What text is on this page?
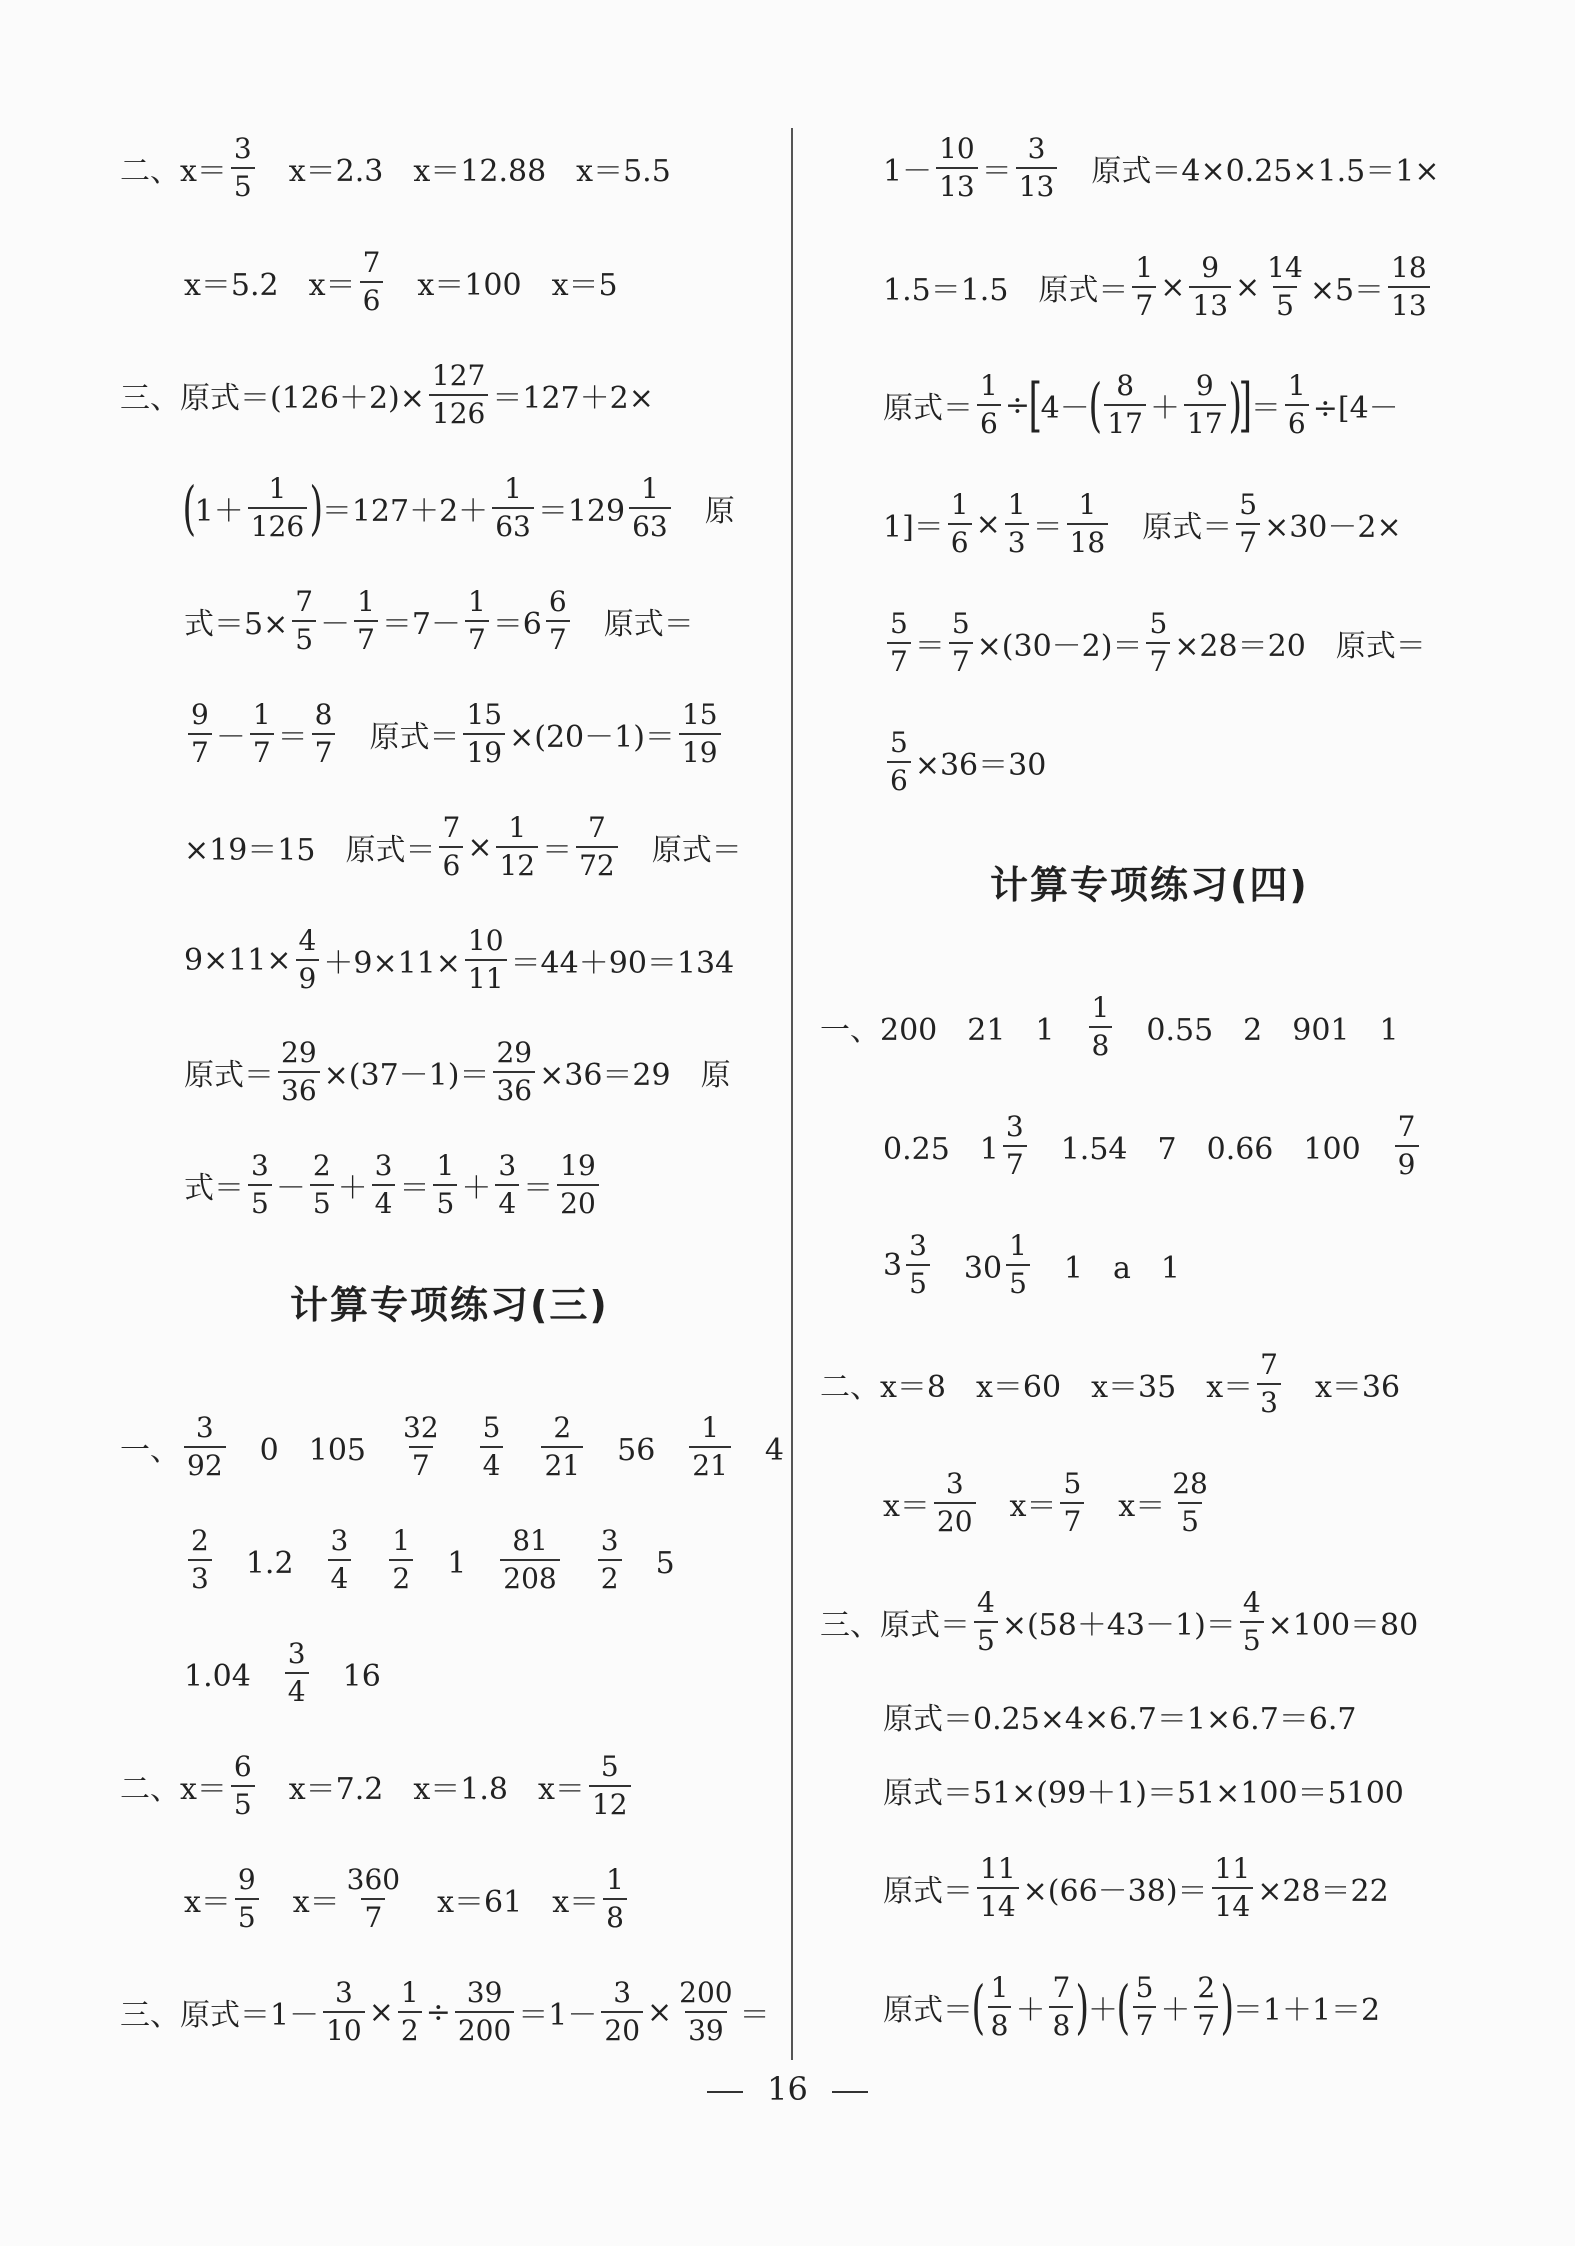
二、$x= \frac{3}{5}$ 　x＝2.3　x＝12.88　x＝5.5
x＝5.2　$x= \frac{7}{6}$ 　x＝100　x＝5
三、原式$=(126+2)\times \frac{127}{126} =127+2\times$
(
$1+ \frac{1}{126}$ )
$=127+2+ \frac{1}{63} =129 \frac{1}{63}$ 　原
式$=5\times \frac{7}{5} - \frac{1}{7} =7- \frac{1}{7} =6 \frac{6}{7}$ 　原式＝
$\frac{9}{7} - \frac{1}{7} = \frac{8}{7}$ 　原式＝ $\frac{15}{19} \times(20-1)= \frac{15}{19}$
×19＝15　原式＝ $\frac{7}{6} \times \frac{1}{12} = \frac{7}{72}$ 　原式＝
$9\times 11\times \frac{4}{9} +9\times 11\times \frac{10}{11} =44+90=134$
原式＝ $\frac{29}{36} \times(37-1)= \frac{29}{36} \times 36=29$　原
式＝ $\frac{3}{5} - \frac{2}{5} + \frac{3}{4} = \frac{1}{5} + \frac{3}{4} = \frac{19}{20}$
一、 $\frac{3}{92}$ 　0　105　 $\frac{32}{7}$
　 $\frac{5}{4}$
　 $\frac{2}{21}$ 　56　 $\frac{1}{21}$ 　4
$\frac{2}{3}$ 　1.2　 $\frac{3}{4}$
　 $\frac{1}{2}$ 　1　 $\frac{81}{208}$
　 $\frac{3}{2}$ 　5
1.04　 $\frac{3}{4}$ 　16
二、$x= \frac{6}{5}$ 　x＝7.2　x＝1.8　$x= \frac{5}{12}$
$x= \frac{9}{5}$ 　$x= \frac{360}{7}$ 　x＝61　$x= \frac{1}{8}$
三、原式$=1- \frac{3}{10} \times \frac{1}{2} \div \frac{39}{200} =1- \frac{3}{20} \times \frac{200}{39}$ ＝
计算专项练习(三)
$1- \frac{10}{13} = \frac{3}{13}$ 　原式＝4×0.25×1.5＝1×
1.5＝1.5　原式＝ $\frac{1}{7} \times \frac{9}{13} \times \frac{14}{5} \times 5= \frac{18}{13}$
原式＝ $\frac{1}{6}$ ÷
[
4－
( $\frac{8}{17} + \frac{9}{17}$ )
]
＝ $\frac{1}{6} \div[4-$
$1]= \frac{1}{6} \times \frac{1}{3} = \frac{1}{18}$ 　原式＝ $\frac{5}{7} \times 30-2\times$
$\frac{5}{7} = \frac{5}{7} \times(30-2)= \frac{5}{7} \times 28=20$　原式＝
$\frac{5}{6} \times 36=30$
一、200　21　1　 $\frac{1}{8}$ 　0.55　2　901　1
0.25　$1 \frac{3}{7}$ 　1.54　7　0.66　100　 $\frac{7}{9}$
$3 \frac{3}{5}$ 　$30 \frac{1}{5}$ 　1　a　1
二、x＝8　x＝60　x＝35　$x= \frac{7}{3}$ 　x＝36
$x= \frac{3}{20}$ 　$x= \frac{5}{7}$ 　$x= \frac{28}{5}$
三、原式＝ $\frac{4}{5} \times(58+43-1)= \frac{4}{5} \times 100=80$
原式＝0.25×4×6.7＝1×6.7＝6.7
原式＝51×(99＋1)＝51×100＝5100
原式＝ $\frac{11}{14} \times(66-38)= \frac{11}{14} \times 28=22$
原式＝
( $\frac{1}{8} + \frac{7}{8}$ )
＋
( $\frac{5}{7} + \frac{2}{7}$ )
＝1＋1＝2
计算专项练习(四)
16
